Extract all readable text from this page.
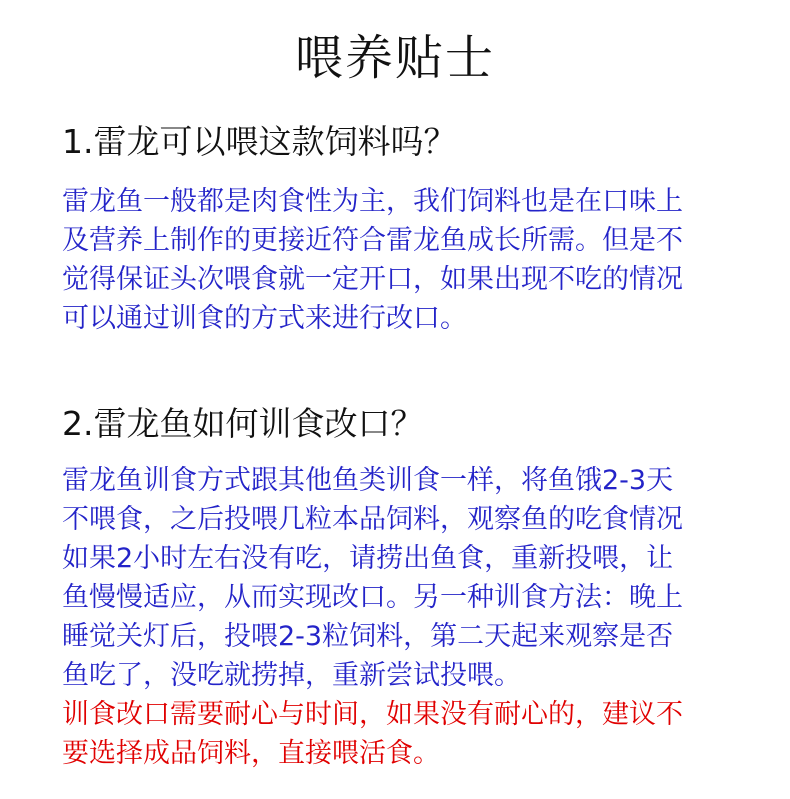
喂养贴士
1.雷龙可以喂这款饲料吗？
雷龙鱼一般都是肉食性为主，我们饲料也是在口味上
及营养上制作的更接近符合雷龙鱼成长所需。但是不
觉得保证头次喂食就一定开口，如果出现不吃的情况
可以通过训食的方式来进行改口。
2.雷龙鱼如何训食改口？
雷龙鱼训食方式跟其他鱼类训食一样，将鱼饿2-3天
不喂食，之后投喂几粒本品饲料，观察鱼的吃食情况
如果2小时左右没有吃，请捞出鱼食，重新投喂，让
鱼慢慢适应，从而实现改口。另一种训食方法：晚上
睡觉关灯后，投喂2-3粒饲料，第二天起来观察是否
鱼吃了，没吃就捞掉，重新尝试投喂。
训食改口需要耐心与时间，如果没有耐心的，建议不
要选择成品饲料，直接喂活食。
